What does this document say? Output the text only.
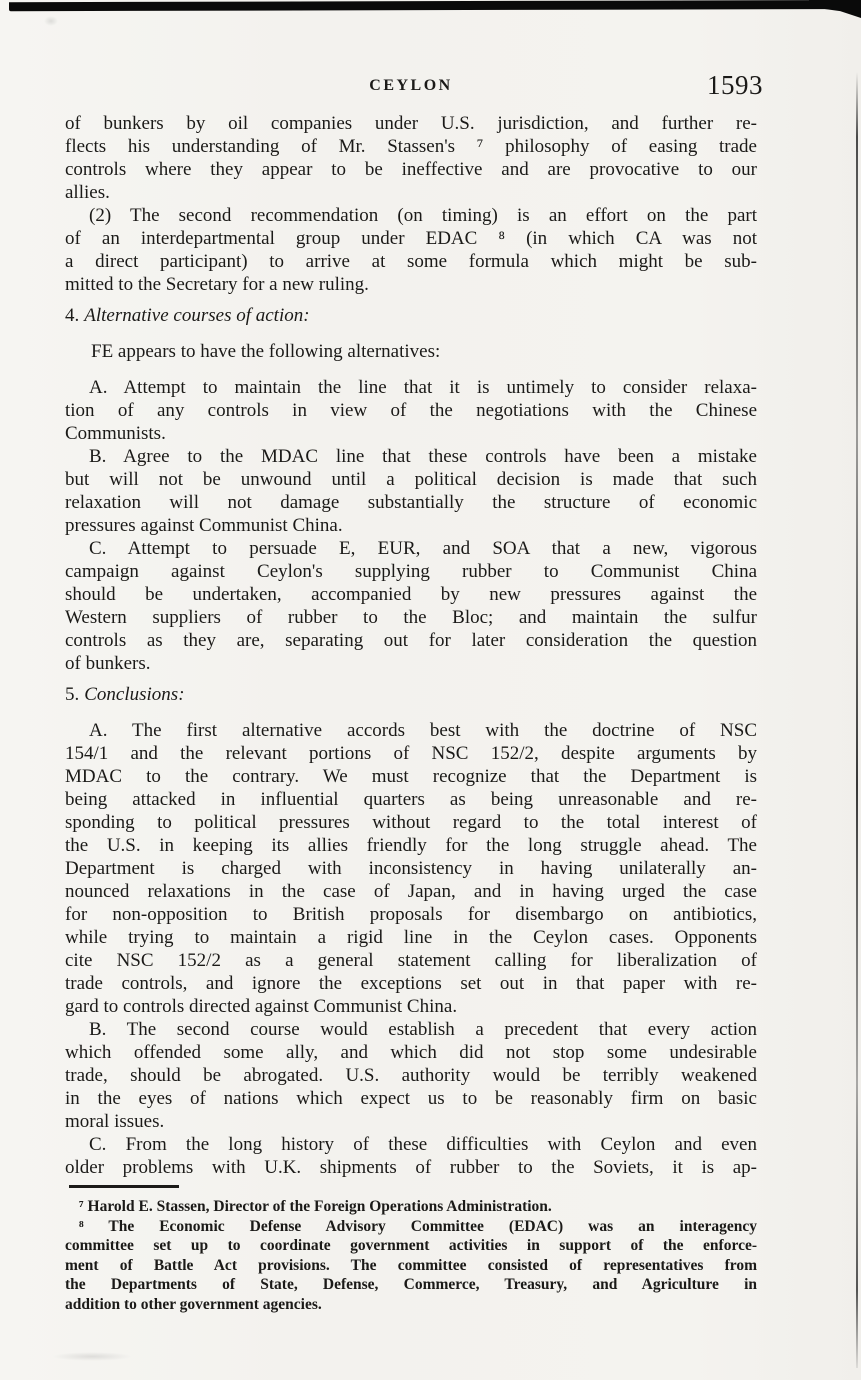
CEYLON	1593
of bunkers by oil companies under U.S. jurisdiction, and further re-
flects his understanding of Mr. Stassen's ⁷ philosophy of easing trade
controls where they appear to be ineffective and are provocative to our
allies.
(2) The second recommendation (on timing) is an effort on the part
of an interdepartmental group under EDAC ⁸ (in which CA was not
a direct participant) to arrive at some formula which might be sub-
mitted to the Secretary for a new ruling.
4. Alternative courses of action:
FE appears to have the following alternatives:
A. Attempt to maintain the line that it is untimely to consider relaxa-
tion of any controls in view of the negotiations with the Chinese
Communists.
B. Agree to the MDAC line that these controls have been a mistake
but will not be unwound until a political decision is made that such
relaxation will not damage substantially the structure of economic
pressures against Communist China.
C. Attempt to persuade E, EUR, and SOA that a new, vigorous
campaign against Ceylon's supplying rubber to Communist China
should be undertaken, accompanied by new pressures against the
Western suppliers of rubber to the Bloc; and maintain the sulfur
controls as they are, separating out for later consideration the question
of bunkers.
5. Conclusions:
A. The first alternative accords best with the doctrine of NSC
154/1 and the relevant portions of NSC 152/2, despite arguments by
MDAC to the contrary. We must recognize that the Department is
being attacked in influential quarters as being unreasonable and re-
sponding to political pressures without regard to the total interest of
the U.S. in keeping its allies friendly for the long struggle ahead. The
Department is charged with inconsistency in having unilaterally an-
nounced relaxations in the case of Japan, and in having urged the case
for non-opposition to British proposals for disembargo on antibiotics,
while trying to maintain a rigid line in the Ceylon cases. Opponents
cite NSC 152/2 as a general statement calling for liberalization of
trade controls, and ignore the exceptions set out in that paper with re-
gard to controls directed against Communist China.
B. The second course would establish a precedent that every action
which offended some ally, and which did not stop some undesirable
trade, should be abrogated. U.S. authority would be terribly weakened
in the eyes of nations which expect us to be reasonably firm on basic
moral issues.
C. From the long history of these difficulties with Ceylon and even
older problems with U.K. shipments of rubber to the Soviets, it is ap-
⁷ Harold E. Stassen, Director of the Foreign Operations Administration.
⁸ The Economic Defense Advisory Committee (EDAC) was an interagency
committee set up to coordinate government activities in support of the enforce-
ment of Battle Act provisions. The committee consisted of representatives from
the Departments of State, Defense, Commerce, Treasury, and Agriculture in
addition to other government agencies.
